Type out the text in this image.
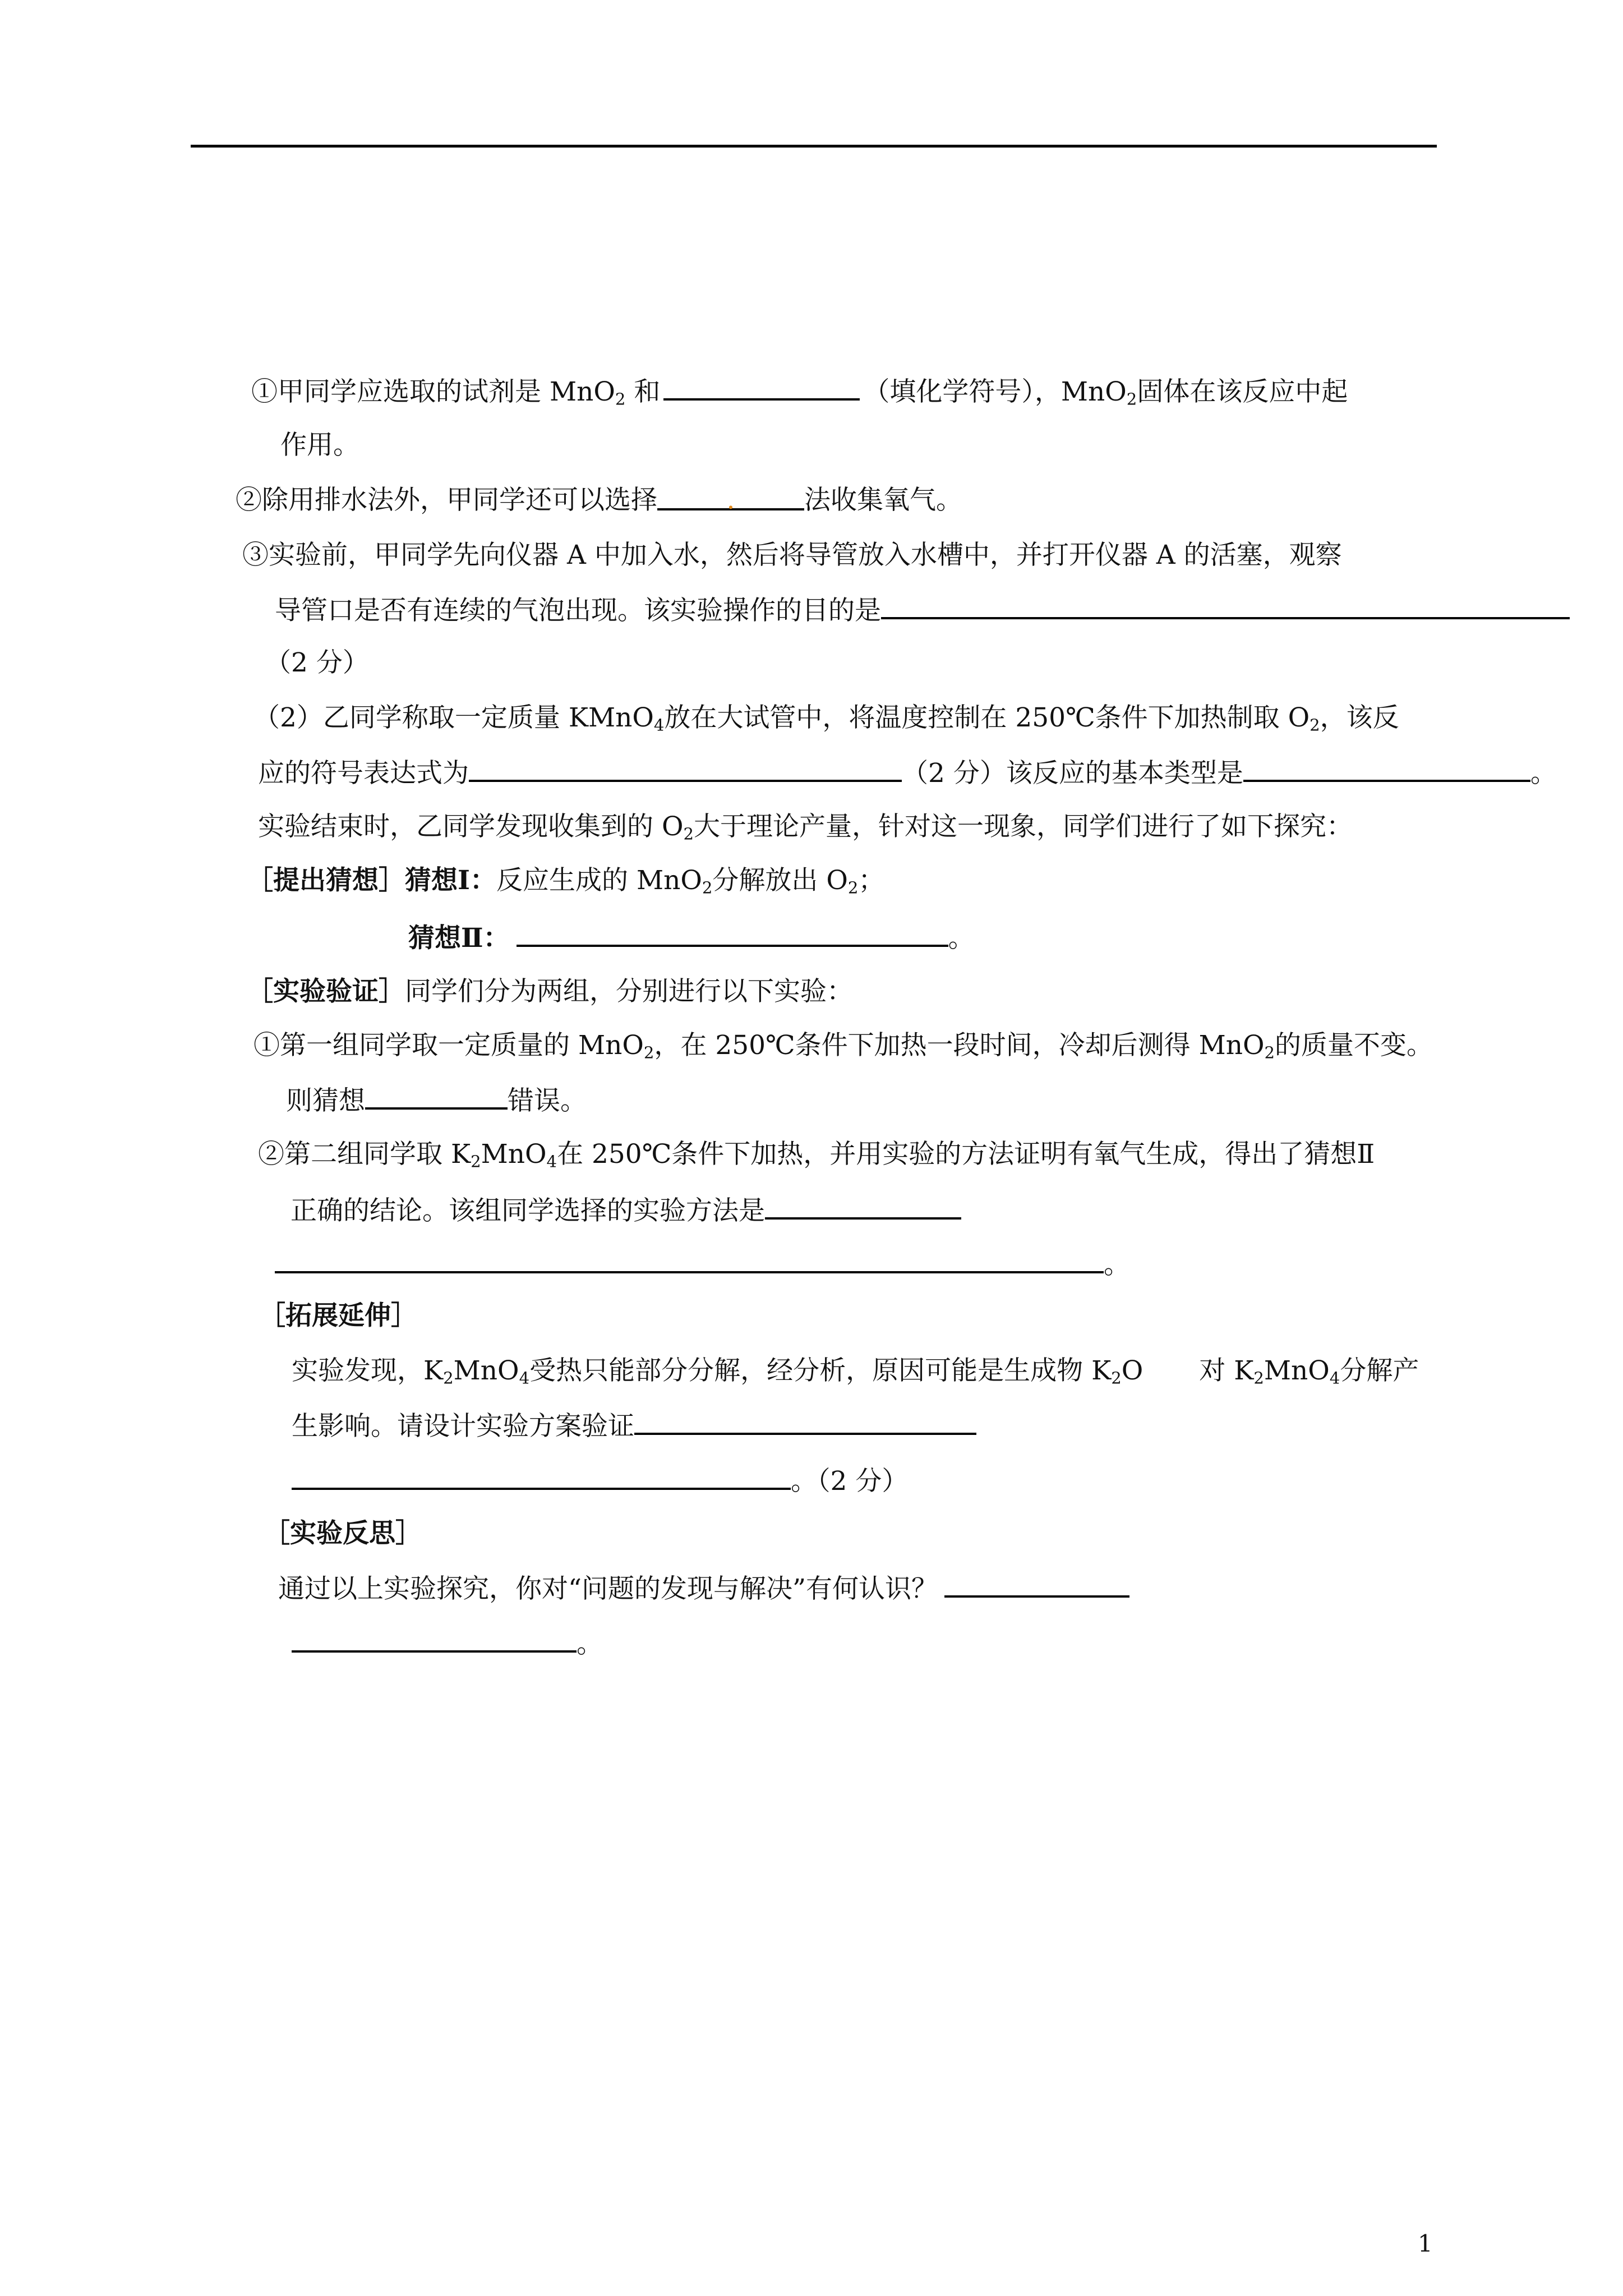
①甲同学应选取的试剂是 MnO$_2$ 和	（填化学符号），MnO$_2$固体在该反应中起
作用。
②除用排水法外，甲同学还可以选择	.	法收集氧气。
③实验前，甲同学先向仪器 A 中加入水，然后将导管放入水槽中，并打开仪器 A 的活塞，观察
导管口是否有连续的气泡出现。该实验操作的目的是
（2 分）
（2）乙同学称取一定质量 KMnO$_4$放在大试管中，将温度控制在 250℃条件下加热制取 $O_2$，该反
应的符号表达式为	（2 分）该反应的基本类型是	。
实验结束时，乙同学发现收集到的 $O_2$大于理论产量，针对这一现象，同学们进行了如下探究：
［提出猜想］猜想Ⅰ：反应生成的 MnO$_2$分解放出 $O_2$；
猜想Ⅱ：	。
［实验验证］同学们分为两组，分别进行以下实验：
①第一组同学取一定质量的 MnO$_2$，在 250℃条件下加热一段时间，冷却后测得 MnO$_2$的质量不变。
则猜想	错误。
②第二组同学取 $K_2MnO_4$在 250℃条件下加热，并用实验的方法证明有氧气生成，得出了猜想Ⅱ
正确的结论。该组同学选择的实验方法是
。
［拓展延伸］
实验发现，$K_2MnO_4$受热只能部分分解，经分析，原因可能是生成物 $K_2O$ 对 $K_2MnO_4$分解产
生影响。请设计实验方案验证
。（2 分）
［实验反思］
通过以上实验探究，你对“问题的发现与解决”有何认识？
。
1
